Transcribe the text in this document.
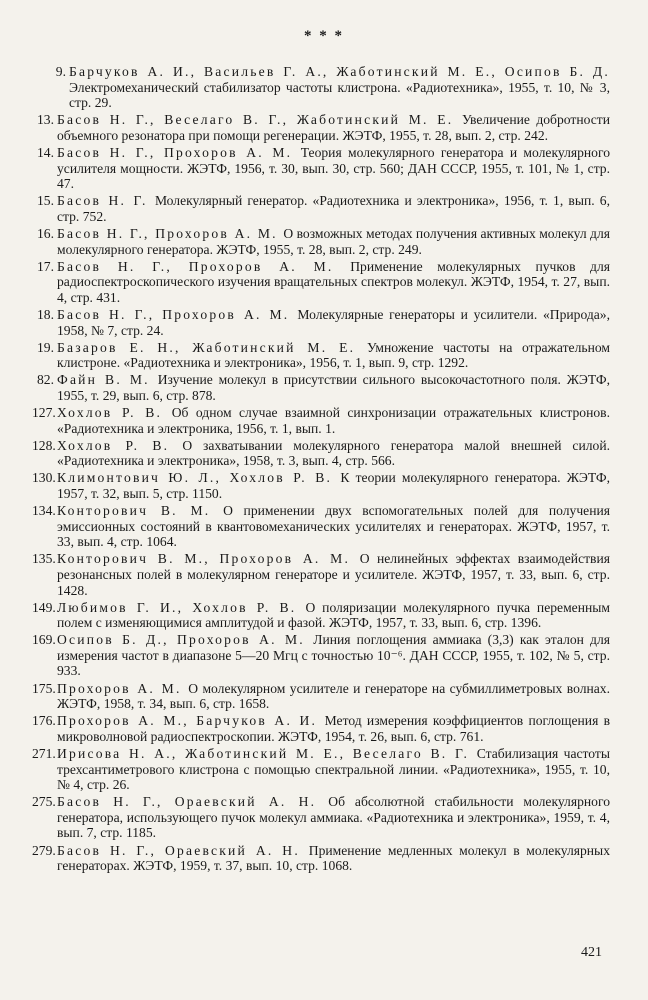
* * *
9. Барчуков А. И., Васильев Г. А., Жаботинский М. Е., Осипов Б. Д. Электромеханический стабилизатор частоты клистрона. «Радиотехника», 1955, т. 10, № 3, стр. 29.
13. Басов Н. Г., Веселаго В. Г., Жаботинский М. Е. Увеличение добротности объемного резонатора при помощи регенерации. ЖЭТФ, 1955, т. 28, вып. 2, стр. 242.
14. Басов Н. Г., Прохоров А. М. Теория молекулярного генератора и молекулярного усилителя мощности. ЖЭТФ, 1956, т. 30, вып. 30, стр. 560; ДАН СССР, 1955, т. 101, № 1, стр. 47.
15. Басов Н. Г. Молекулярный генератор. «Радиотехника и электроника», 1956, т. 1, вып. 6, стр. 752.
16. Басов Н. Г., Прохоров А. М. О возможных методах получения активных молекул для молекулярного генератора. ЖЭТФ, 1955, т. 28, вып. 2, стр. 249.
17. Басов Н. Г., Прохоров А. М. Применение молекулярных пучков для радиоспектроскопического изучения вращательных спектров молекул. ЖЭТФ, 1954, т. 27, вып. 4, стр. 431.
18. Басов Н. Г., Прохоров А. М. Молекулярные генераторы и усилители. «Природа», 1958, № 7, стр. 24.
19. Базаров Е. Н., Жаботинский М. Е. Умножение частоты на отражательном клистроне. «Радиотехника и электроника», 1956, т. 1, вып. 9, стр. 1292.
82. Файн В. М. Изучение молекул в присутствии сильного высокочастотного поля. ЖЭТФ, 1955, т. 29, вып. 6, стр. 878.
127. Хохлов Р. В. Об одном случае взаимной синхронизации отражательных клистронов. «Радиотехника и электроника, 1956, т. 1, вып. 1.
128. Хохлов Р. В. О захватывании молекулярного генератора малой внешней силой. «Радиотехника и электроника», 1958, т. 3, вып. 4, стр. 566.
130. Климонтович Ю. Л., Хохлов Р. В. К теории молекулярного генератора. ЖЭТФ, 1957, т. 32, вып. 5, стр. 1150.
134. Конторович В. М. О применении двух вспомогательных полей для получения эмиссионных состояний в квантовомеханических усилителях и генераторах. ЖЭТФ, 1957, т. 33, вып. 4, стр. 1064.
135. Конторович В. М., Прохоров А. М. О нелинейных эффектах взаимодействия резонансных полей в молекулярном генераторе и усилителе. ЖЭТФ, 1957, т. 33, вып. 6, стр. 1428.
149. Любимов Г. И., Хохлов Р. В. О поляризации молекулярного пучка переменным полем с изменяющимися амплитудой и фазой. ЖЭТФ, 1957, т. 33, вып. 6, стр. 1396.
169. Осипов Б. Д., Прохоров А. М. Линия поглощения аммиака (3,3) как эталон для измерения частот в диапазоне 5—20 Мгц с точностью 10⁻⁶. ДАН СССР, 1955, т. 102, № 5, стр. 933.
175. Прохоров А. М. О молекулярном усилителе и генераторе на субмиллиметровых волнах. ЖЭТФ, 1958, т. 34, вып. 6, стр. 1658.
176. Прохоров А. М., Барчуков А. И. Метод измерения коэффициентов поглощения в микроволновой радиоспектроскопии. ЖЭТФ, 1954, т. 26, вып. 6, стр. 761.
271. Ирисова Н. А., Жаботинский М. Е., Веселаго В. Г. Стабилизация частоты трехсантиметрового клистрона с помощью спектральной линии. «Радиотехника», 1955, т. 10, № 4, стр. 26.
275. Басов Н. Г., Ораевский А. Н. Об абсолютной стабильности молекулярного генератора, использующего пучок молекул аммиака. «Радиотехника и электроника», 1959, т. 4, вып. 7, стр. 1185.
279. Басов Н. Г., Ораевский А. Н. Применение медленных молекул в молекулярных генераторах. ЖЭТФ, 1959, т. 37, вып. 10, стр. 1068.
421
